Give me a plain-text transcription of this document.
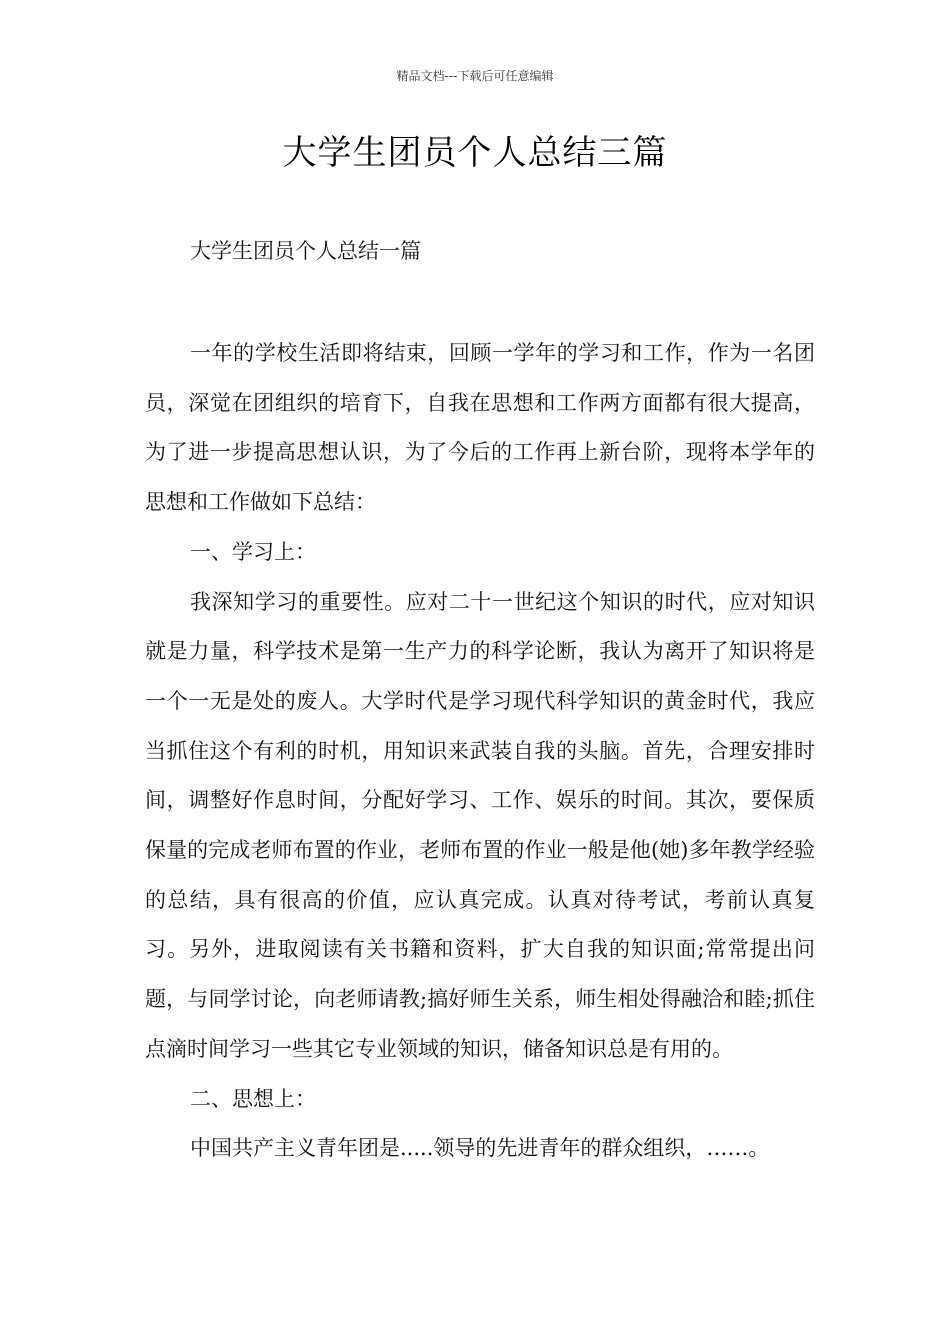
精品文档---下载后可任意编辑
大学生团员个人总结三篇

大学生团员个人总结一篇

一年的学校生活即将结束，回顾一学年的学习和工作，作为一名团员，深觉在团组织的培育下，自我在思想和工作两方面都有很大提高，为了进一步提高思想认识，为了今后的工作再上新台阶，现将本学年的思想和工作做如下总结：

一、学习上：

我深知学习的重要性。应对二十一世纪这个知识的时代，应对知识就是力量，科学技术是第一生产力的科学论断，我认为离开了知识将是一个一无是处的废人。大学时代是学习现代科学知识的黄金时代，我应当抓住这个有利的时机，用知识来武装自我的头脑。首先，合理安排时间，调整好作息时间，分配好学习、工作、娱乐的时间。其次，要保质保量的完成老师布置的作业，老师布置的作业一般是他(她)多年教学经验的总结，具有很高的价值，应认真完成。认真对待考试，考前认真复习。另外，进取阅读有关书籍和资料，扩大自我的知识面;常常提出问题，与同学讨论，向老师请教;搞好师生关系，师生相处得融洽和睦;抓住点滴时间学习一些其它专业领域的知识，储备知识总是有用的。

二、思想上：

中国共产主义青年团是.....领导的先进青年的群众组织，……。
